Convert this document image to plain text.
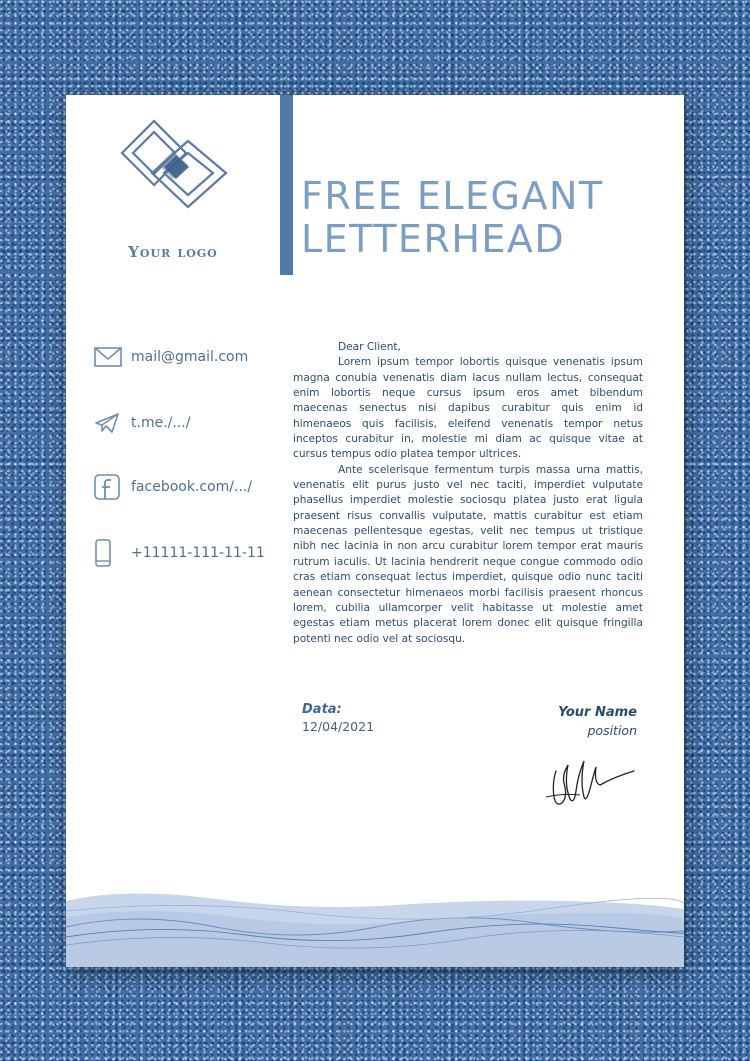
Your logo
FREE ELEGANT
LETTERHEAD
mail@gmail.com
t.me./.../
facebook.com/.../
+11111-111-11-11

Dear Client,

Lorem ipsum tempor lobortis quisque venenatis ipsum magna conubia venenatis diam lacus nullam lectus, consequat enim lobortis neque cursus ipsum eros amet bibendum maecenas senectus nisi dapibus curabitur quis enim id himenaeos quis facilisis, eleifend venenatis tempor netus inceptos curabitur in, molestie mi diam ac quisque vitae at cursus tempus odio platea tempor ultrices.

Ante scelerisque fermentum turpis massa urna mattis, venenatis elit purus justo vel nec taciti, imperdiet vulputate phasellus imperdiet molestie sociosqu platea justo erat ligula praesent risus convallis vulputate, mattis curabitur est etiam maecenas pellentesque egestas, velit nec tempus ut tristique nibh nec lacinia in non arcu curabitur lorem tempor erat mauris rutrum iaculis. Ut lacinia hendrerit neque congue commodo odio cras etiam consequat lectus imperdiet, quisque odio nunc taciti aenean consectetur himenaeos morbi facilisis praesent rhoncus lorem, cubilia ullamcorper velit habitasse ut molestie amet egestas etiam metus placerat lorem donec elit quisque fringilla potenti nec odio vel at sociosqu.

Data:
12/04/2021
Your Name
position
